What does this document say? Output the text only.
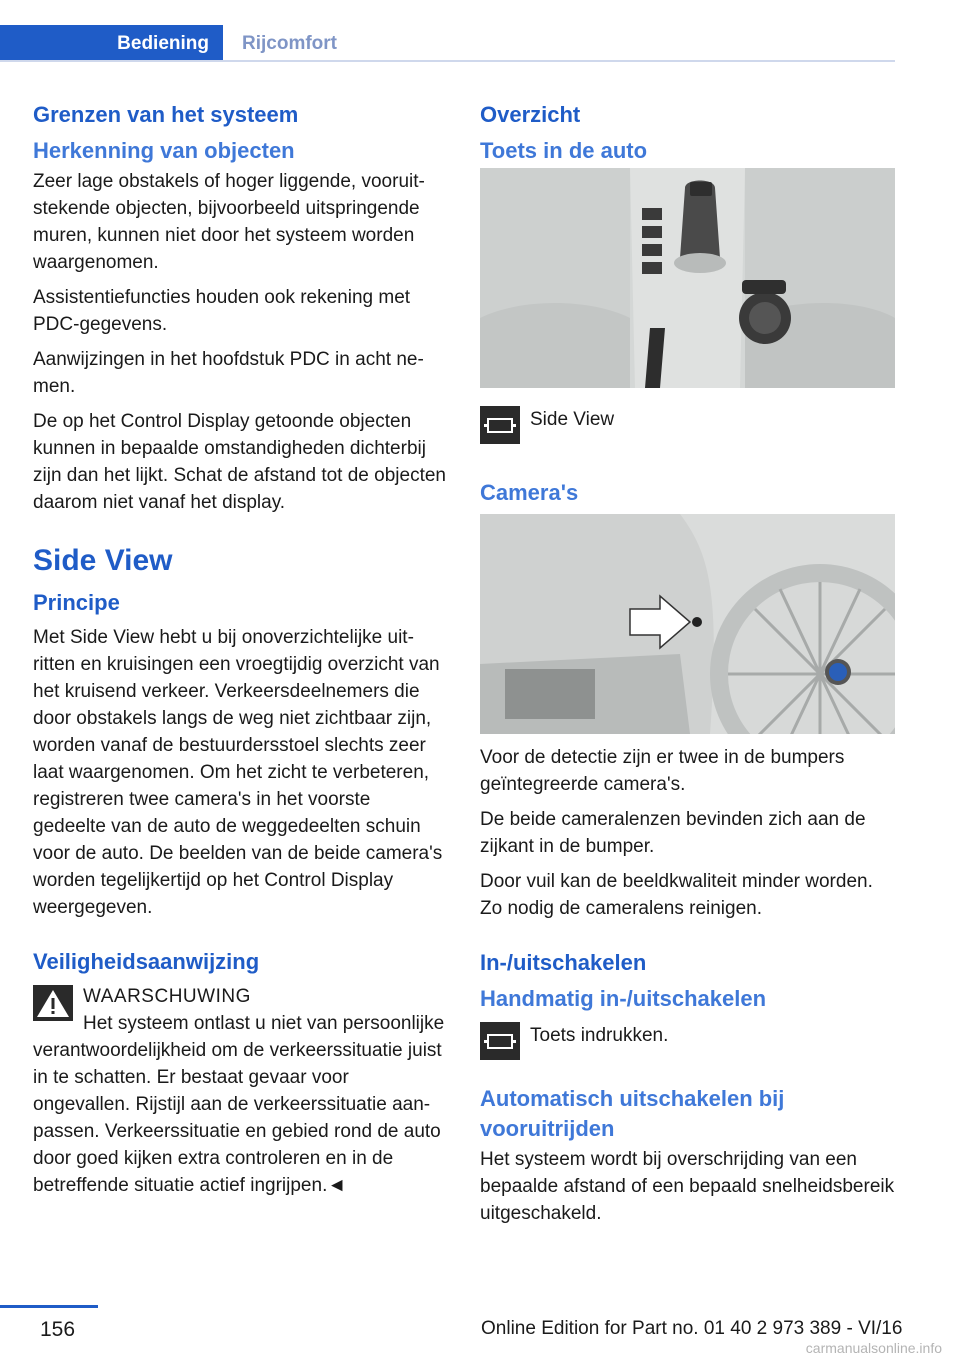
Bediening	Rijcomfort
Grenzen van het systeem
Herkenning van objecten

Zeer lage obstakels of hoger liggende, vooruitstekende objecten, bijvoorbeeld uitspringende muren, kunnen niet door het systeem worden waargenomen.

Assistentiefuncties houden ook rekening met PDC-gegevens.

Aanwijzingen in het hoofdstuk PDC in acht nemen.

De op het Control Display getoonde objecten kunnen in bepaalde omstandigheden dichterbij zijn dan het lijkt. Schat de afstand tot de objecten daarom niet vanaf het display.

Side View
Principe

Met Side View hebt u bij onoverzichtelijke uitritten en kruisingen een vroegtijdig overzicht van het kruisend verkeer. Verkeersdeelnemers die door obstakels langs de weg niet zichtbaar zijn, worden vanaf de bestuurdersstoel slechts zeer laat waargenomen. Om het zicht te verbeteren, registreren twee camera's in het voorste gedeelte van de auto de weggedeelten schuin voor de auto. De beelden van de beide camera's worden tegelijkertijd op het Control Display weergegeven.

Veiligheidsaanwijzing
WAARSCHUWING

Het systeem ontlast u niet van persoonlijke verantwoordelijkheid om de verkeerssituatie juist in te schatten. Er bestaat gevaar voor ongevallen. Rijstijl aan de verkeerssituatie aanpassen. Verkeerssituatie en gebied rond de auto door goed kijken extra controleren en in de betreffende situatie actief ingrijpen.◄

Overzicht
Toets in de auto
Side View
Camera's

Voor de detectie zijn er twee in de bumpers geïntegreerde camera's.

De beide cameralenzen bevinden zich aan de zijkant in de bumper.

Door vuil kan de beeldkwaliteit minder worden. Zo nodig de cameralens reinigen.

In-/uitschakelen
Handmatig in-/uitschakelen
Toets indrukken.
Automatisch uitschakelen bij vooruitrijden

Het systeem wordt bij overschrijding van een bepaalde afstand of een bepaald snelheidsbereik uitgeschakeld.

156	Online Edition for Part no. 01 40 2 973 389 - VI/16
carmanualsonline.info
